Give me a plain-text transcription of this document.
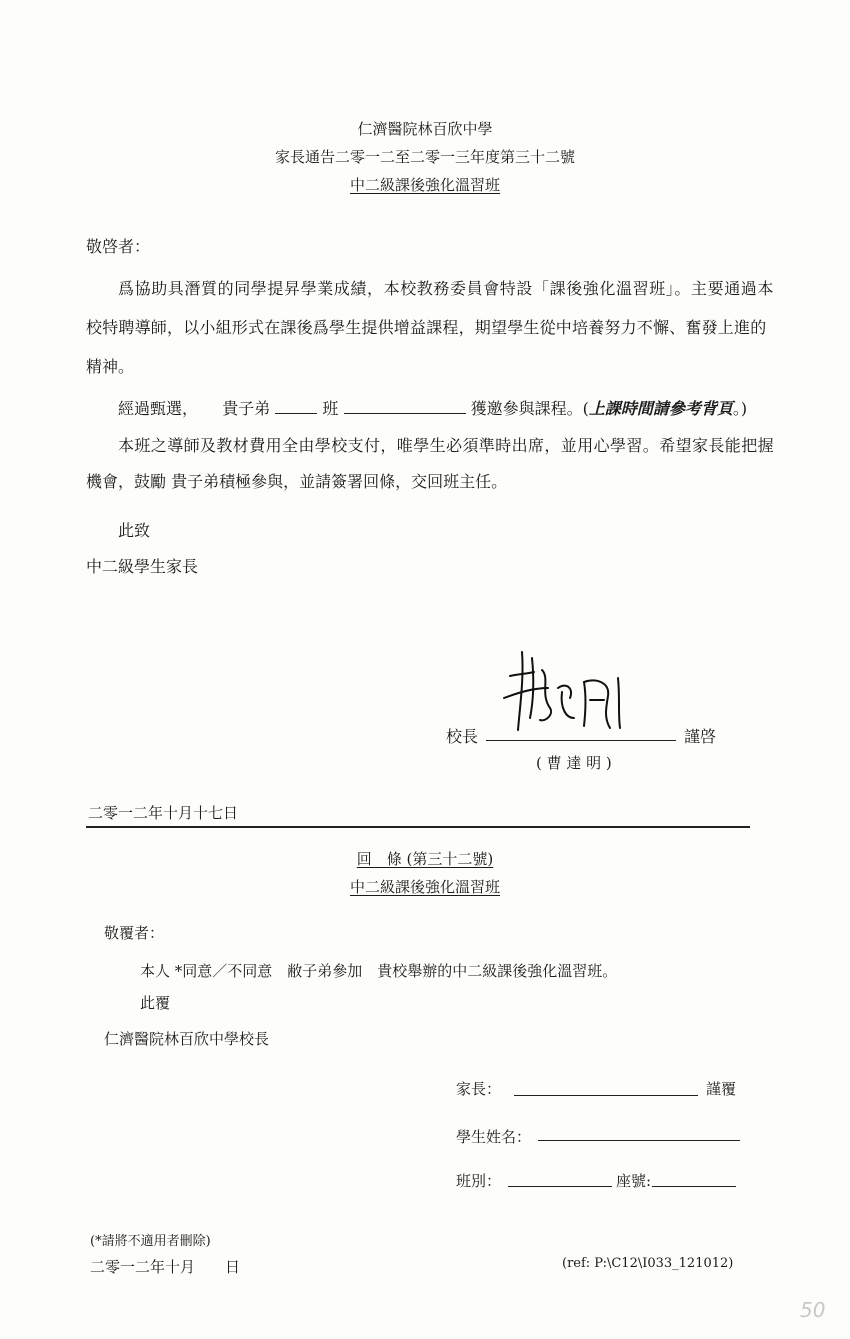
仁濟醫院林百欣中學
家長通告二零一二至二零一三年度第三十二號
中二級課後強化溫習班
敬啓者：
爲協助具潛質的同學提昇學業成績，本校教務委員會特設「課後強化溫習班」。主要通過本
校特聘導師，以小組形式在課後爲學生提供增益課程，期望學生從中培養努力不懈、奮發上進的
精神。
經過甄選， 貴子弟	班	獲邀參與課程。(上課時間請參考背頁。)
本班之導師及教材費用全由學校支付，唯學生必須準時出席，並用心學習。希望家長能把握
機會，鼓勵 貴子弟積極參與，並請簽署回條，交回班主任。
此致
中二級學生家長
校長	謹啓
( 曹 達 明 )
二零一二年十月十七日
回　條 (第三十二號)
中二級課後強化溫習班
敬覆者：
本人 *同意／不同意　敝子弟參加　貴校舉辦的中二級課後強化溫習班。
此覆
仁濟醫院林百欣中學校長
家長：	謹覆
學生姓名：
班別：	座號:
(*請將不適用者刪除)
二零一二年十月　　日	(ref: P:\C12\I033_121012)
50
